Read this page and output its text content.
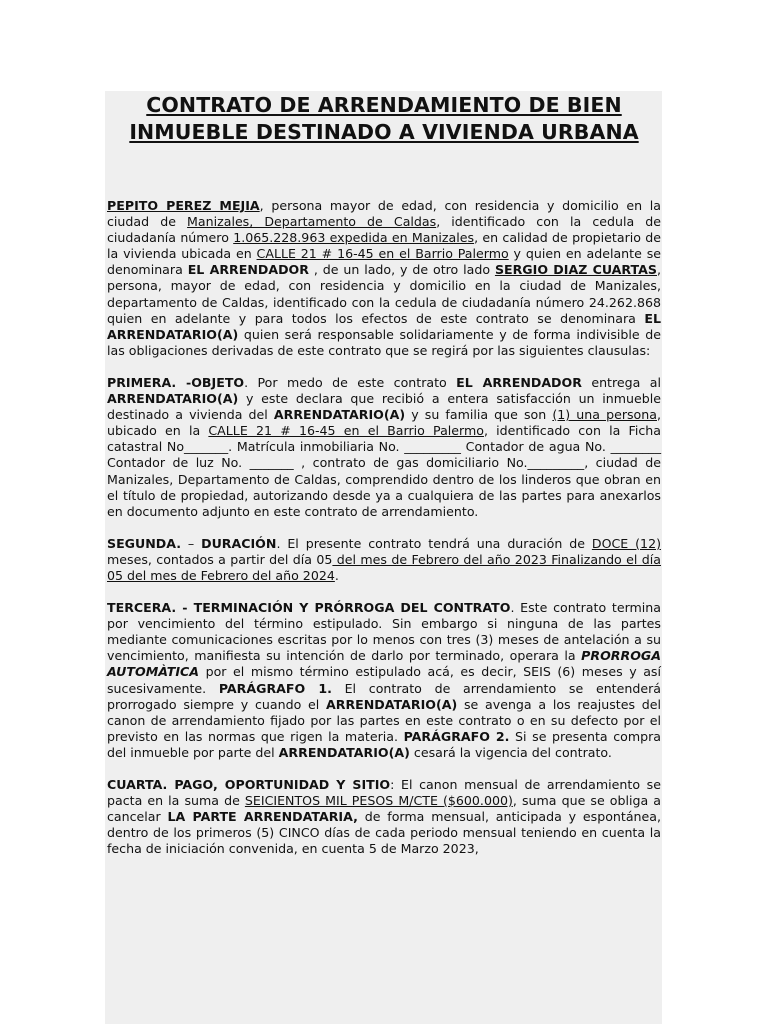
CONTRATO DE ARRENDAMIENTO DE BIEN INMUEBLE DESTINADO A VIVIENDA URBANA

PEPITO PEREZ MEJIA, persona mayor de edad, con residencia y domicilio en la ciudad de Manizales, Departamento de Caldas, identificado con la cedula de ciudadanía número 1.065.228.963 expedida en Manizales, en calidad de propietario de la vivienda ubicada en CALLE 21 # 16-45 en el Barrio Palermo y quien en adelante se denominara EL ARRENDADOR , de un lado, y de otro lado SERGIO DIAZ CUARTAS, persona, mayor de edad, con residencia y domicilio en la ciudad de Manizales, departamento de Caldas, identificado con la cedula de ciudadanía número 24.262.868 quien en adelante y para todos los efectos de este contrato se denominara EL ARRENDATARIO(A) quien será responsable solidariamente y de forma indivisible de las obligaciones derivadas de este contrato que se regirá por las siguientes clausulas:

PRIMERA. -OBJETO. Por medo de este contrato EL ARRENDADOR entrega al ARRENDATARIO(A) y este declara que recibió a entera satisfacción un inmueble destinado a vivienda del ARRENDATARIO(A) y su familia que son (1) una persona, ubicado en la CALLE 21 # 16-45 en el Barrio Palermo, identificado con la Ficha catastral No_______. Matrícula inmobiliaria No. _________ Contador de agua No. ________ Contador de luz No. _______ , contrato de gas domiciliario No._________, ciudad de Manizales, Departamento de Caldas, comprendido dentro de los linderos que obran en el título de propiedad, autorizando desde ya a cualquiera de las partes para anexarlos en documento adjunto en este contrato de arrendamiento.

SEGUNDA. – DURACIÓN. El presente contrato tendrá una duración de DOCE (12) meses, contados a partir del día 05 del mes de Febrero del año 2023 Finalizando el día 05 del mes de Febrero del año 2024.

TERCERA. - TERMINACIÓN Y PRÓRROGA DEL CONTRATO. Este contrato termina por vencimiento del término estipulado. Sin embargo si ninguna de las partes mediante comunicaciones escritas por lo menos con tres (3) meses de antelación a su vencimiento, manifiesta su intención de darlo por terminado, operara la PRORROGA AUTOMÀTICA por el mismo término estipulado acá, es decir, SEIS (6) meses y así sucesivamente. PARÁGRAFO 1. El contrato de arrendamiento se entenderá prorrogado siempre y cuando el ARRENDATARIO(A) se avenga a los reajustes del canon de arrendamiento fijado por las partes en este contrato o en su defecto por el previsto en las normas que rigen la materia. PARÁGRAFO 2. Si se presenta compra del inmueble por parte del ARRENDATARIO(A) cesará la vigencia del contrato.

CUARTA. PAGO, OPORTUNIDAD Y SITIO: El canon mensual de arrendamiento se pacta en la suma de SEICIENTOS MIL PESOS M/CTE ($600.000), suma que se obliga a cancelar LA PARTE ARRENDATARIA, de forma mensual, anticipada y espontánea, dentro de los primeros (5) CINCO días de cada periodo mensual teniendo en cuenta la fecha de iniciación convenida, en cuenta 5 de Marzo 2023,
